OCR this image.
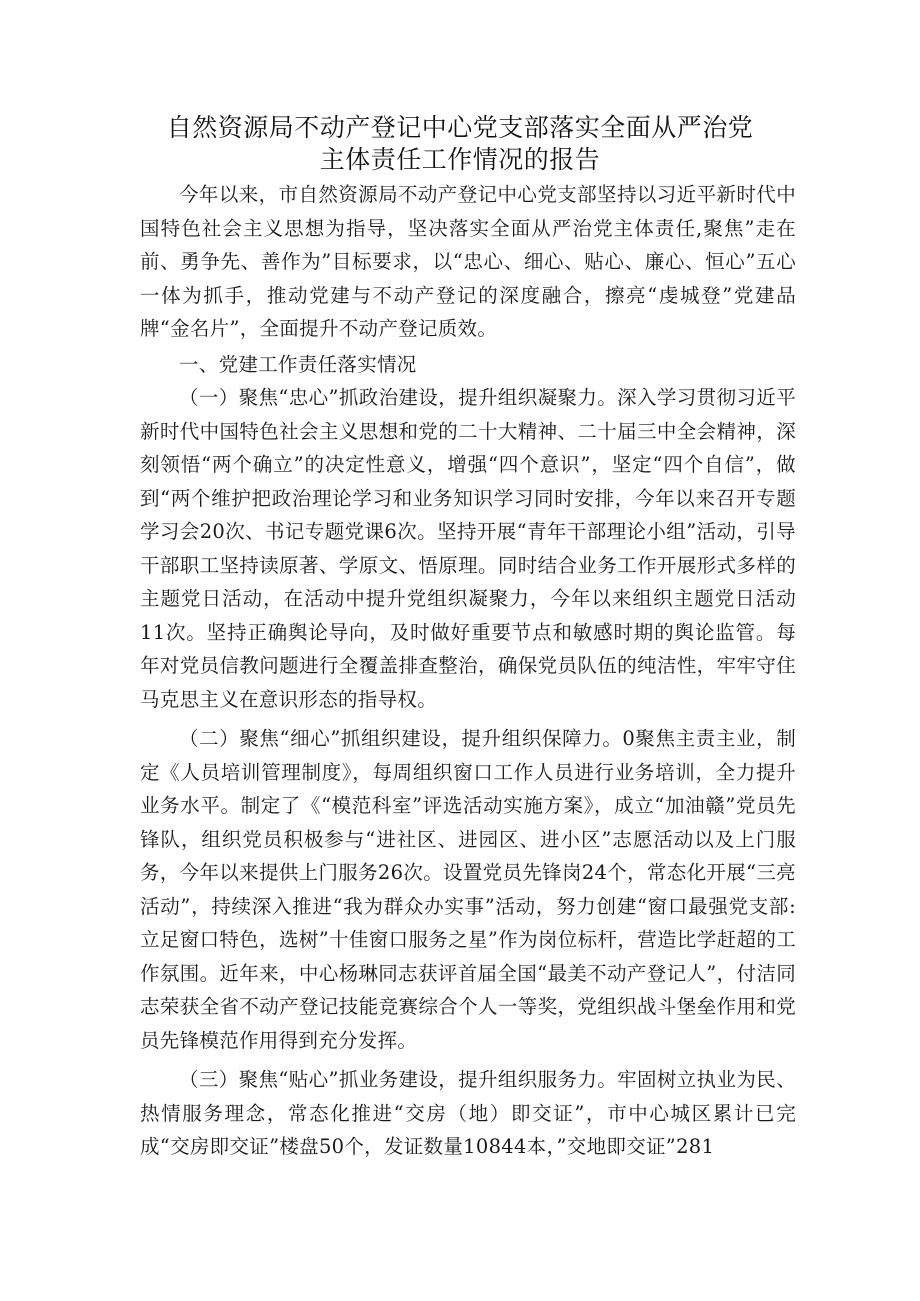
自然资源局不动产登记中心党支部落实全面从严治党
主体责任工作情况的报告

今年以来，市自然资源局不动产登记中心党支部坚持以习近平新时代中国特色社会主义思想为指导，坚决落实全面从严治党主体责任,聚焦”走在前、勇争先、善作为”目标要求，以“忠心、细心、贴心、廉心、恒心”五心一体为抓手，推动党建与不动产登记的深度融合，擦亮“虔城登”党建品牌“金名片”，全面提升不动产登记质效。

一、党建工作责任落实情况

（一）聚焦“忠心”抓政治建设，提升组织凝聚力。深入学习贯彻习近平新时代中国特色社会主义思想和党的二十大精神、二十届三中全会精神，深刻领悟“两个确立”的决定性意义，增强“四个意识”，坚定“四个自信”，做到“两个维护把政治理论学习和业务知识学习同时安排，今年以来召开专题学习会20次、书记专题党课6次。坚持开展“青年干部理论小组”活动，引导干部职工坚持读原著、学原文、悟原理。同时结合业务工作开展形式多样的主题党日活动，在活动中提升党组织凝聚力，今年以来组织主题党日活动11次。坚持正确舆论导向，及时做好重要节点和敏感时期的舆论监管。每年对党员信教问题进行全覆盖排查整治，确保党员队伍的纯洁性，牢牢守住马克思主义在意识形态的指导权。

（二）聚焦“细心”抓组织建设，提升组织保障力。0聚焦主责主业，制定《人员培训管理制度》，每周组织窗口工作人员进行业务培训，全力提升业务水平。制定了《“模范科室”评选活动实施方案》，成立“加油赣”党员先锋队，组织党员积极参与“进社区、进园区、进小区”志愿活动以及上门服务，今年以来提供上门服务26次。设置党员先锋岗24个，常态化开展“三亮活动”，持续深入推进“我为群众办实事”活动，努力创建“窗口最强党支部:立足窗口特色，选树”十佳窗口服务之星”作为岗位标杆，营造比学赶超的工作氛围。近年来，中心杨琳同志获评首届全国“最美不动产登记人”，付洁同志荣获全省不动产登记技能竞赛综合个人一等奖，党组织战斗堡垒作用和党员先锋模范作用得到充分发挥。

（三）聚焦“贴心”抓业务建设，提升组织服务力。牢固树立执业为民、热情服务理念，常态化推进“交房（地）即交证”，市中心城区累计已完成“交房即交证”楼盘50个，发证数量10844本，”交地即交证”281
